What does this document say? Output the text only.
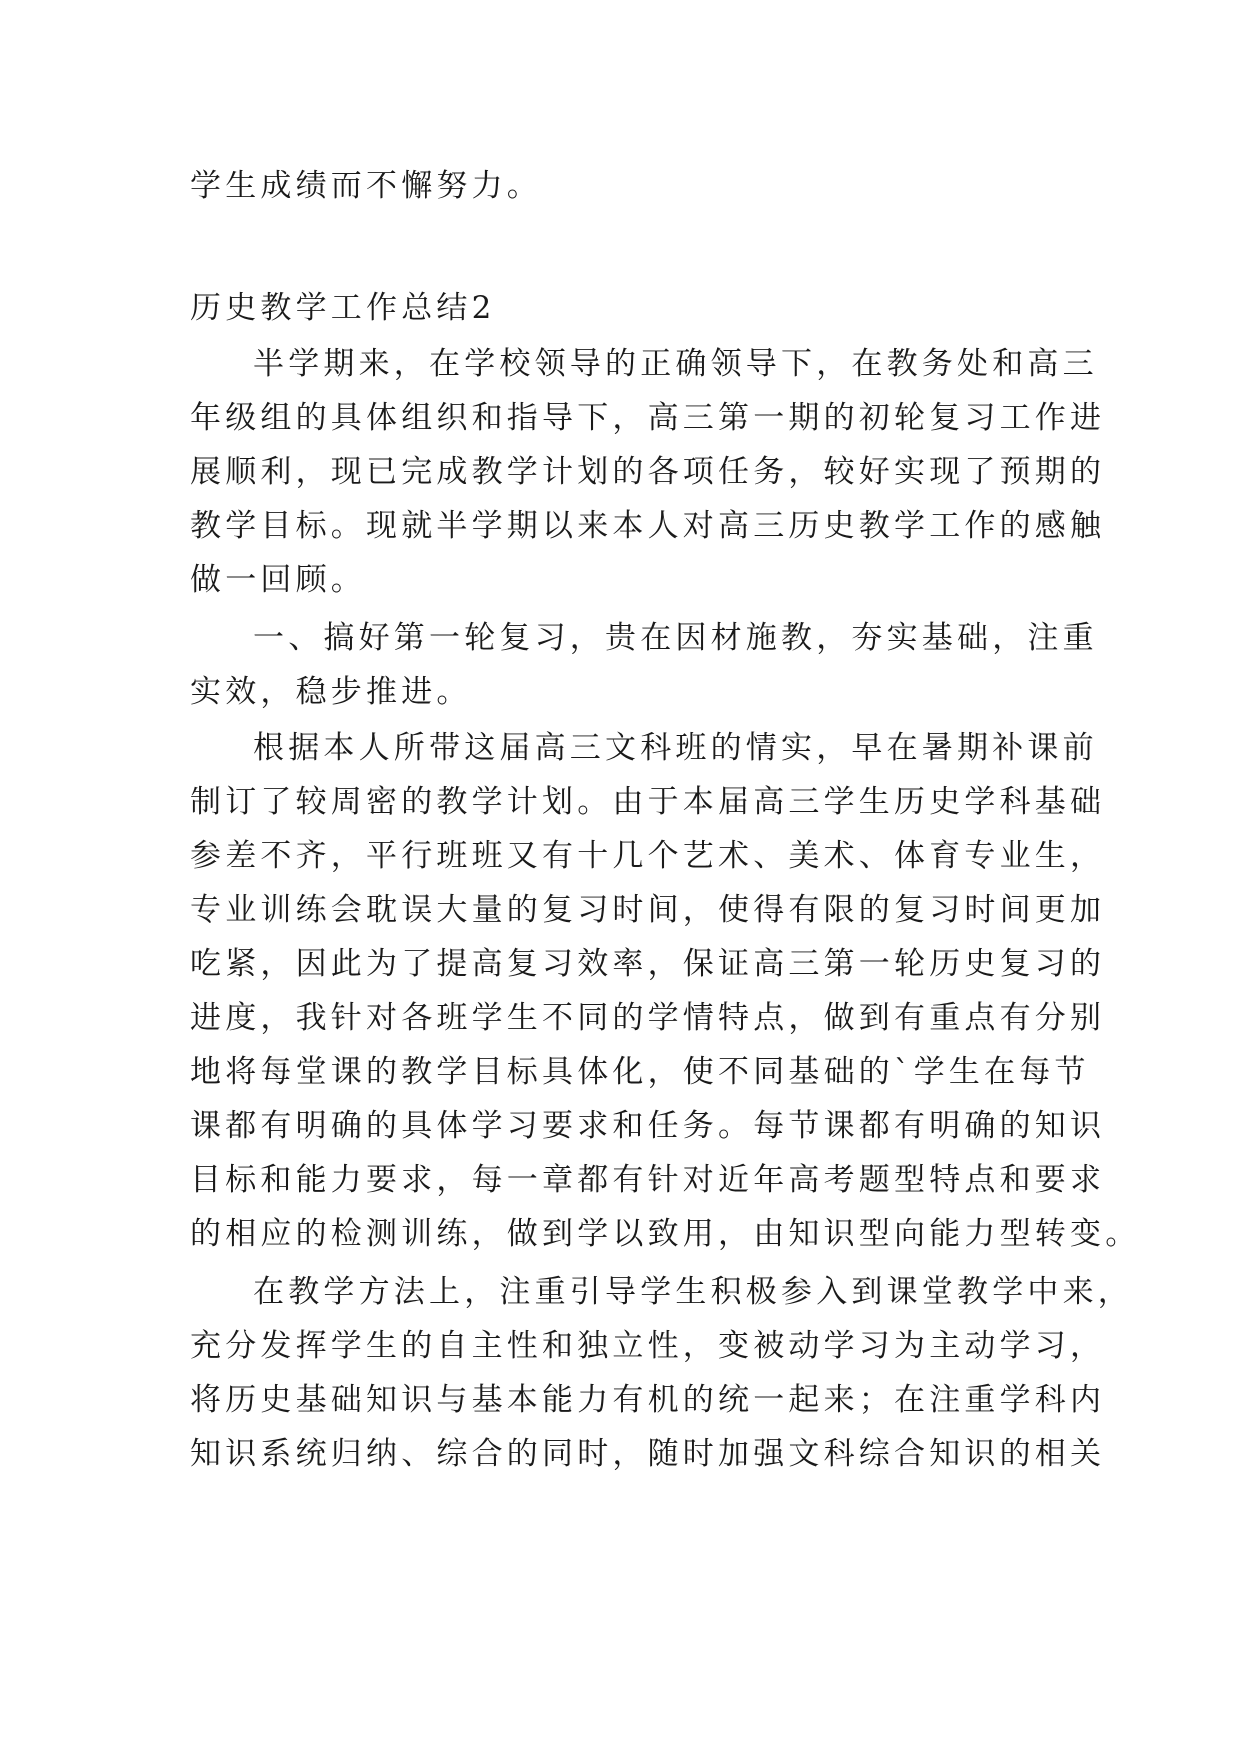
学生成绩而不懈努力。
历史教学工作总结2
半学期来，在学校领导的正确领导下，在教务处和高三
年级组的具体组织和指导下，高三第一期的初轮复习工作进
展顺利，现已完成教学计划的各项任务，较好实现了预期的
教学目标。现就半学期以来本人对高三历史教学工作的感触
做一回顾。
一、搞好第一轮复习，贵在因材施教，夯实基础，注重
实效，稳步推进。
根据本人所带这届高三文科班的情实，早在暑期补课前
制订了较周密的教学计划。由于本届高三学生历史学科基础
参差不齐，平行班班又有十几个艺术、美术、体育专业生，
专业训练会耽误大量的复习时间，使得有限的复习时间更加
吃紧，因此为了提高复习效率，保证高三第一轮历史复习的
进度，我针对各班学生不同的学情特点，做到有重点有分别
地将每堂课的教学目标具体化，使不同基础的`学生在每节
课都有明确的具体学习要求和任务。每节课都有明确的知识
目标和能力要求，每一章都有针对近年高考题型特点和要求
的相应的检测训练，做到学以致用，由知识型向能力型转变。
在教学方法上，注重引导学生积极参入到课堂教学中来，
充分发挥学生的自主性和独立性，变被动学习为主动学习，
将历史基础知识与基本能力有机的统一起来；在注重学科内
知识系统归纳、综合的同时，随时加强文科综合知识的相关
